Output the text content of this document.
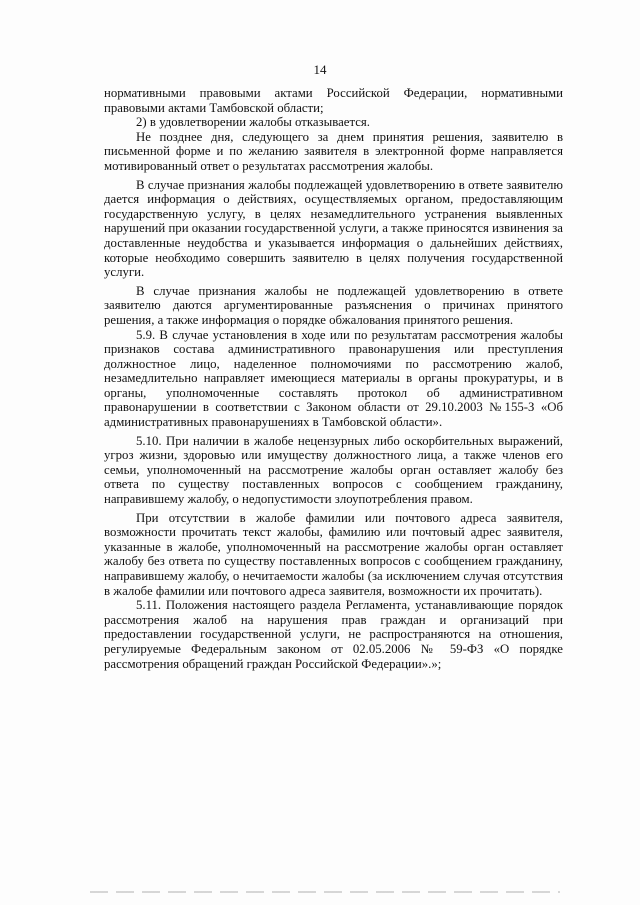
14

нормативными правовыми актами Российской Федерации, нормативными правовыми актами Тамбовской области;

2) в удовлетворении жалобы отказывается.

Не позднее дня, следующего за днем принятия решения, заявителю в письменной форме и по желанию заявителя в электронной форме направляется мотивированный ответ о результатах рассмотрения жалобы.

В случае признания жалобы подлежащей удовлетворению в ответе заявителю дается информация о действиях, осуществляемых органом, предоставляющим государственную услугу, в целях незамедлительного устранения выявленных нарушений при оказании государственной услуги, а также приносятся извинения за доставленные неудобства и указывается информация о дальнейших действиях, которые необходимо совершить заявителю в целях получения государственной услуги.

В случае признания жалобы не подлежащей удовлетворению в ответе заявителю даются аргументированные разъяснения о причинах принятого решения, а также информация о порядке обжалования принятого решения.

5.9. В случае установления в ходе или по результатам рассмотрения жалобы признаков состава административного правонарушения или преступления должностное лицо, наделенное полномочиями по рассмотрению жалоб, незамедлительно направляет имеющиеся материалы в органы прокуратуры, и в органы, уполномоченные составлять протокол об административном правонарушении в соответствии с Законом области от 29.10.2003 №155-З «Об административных правонарушениях в Тамбовской области».

5.10. При наличии в жалобе нецензурных либо оскорбительных выражений, угроз жизни, здоровью или имуществу должностного лица, а также членов его семьи, уполномоченный на рассмотрение жалобы орган оставляет жалобу без ответа по существу поставленных вопросов с сообщением гражданину, направившему жалобу, о недопустимости злоупотребления правом.

При отсутствии в жалобе фамилии или почтового адреса заявителя, возможности прочитать текст жалобы, фамилию или почтовый адрес заявителя, указанные в жалобе, уполномоченный на рассмотрение жалобы орган оставляет жалобу без ответа по существу поставленных вопросов с сообщением гражданину, направившему жалобу, о нечитаемости жалобы (за исключением случая отсутствия в жалобе фамилии или почтового адреса заявителя, возможности их прочитать).

5.11. Положения настоящего раздела Регламента, устанавливающие порядок рассмотрения жалоб на нарушения прав граждан и организаций при предоставлении государственной услуги, не распространяются на отношения, регулируемые Федеральным законом от 02.05.2006 № 59-ФЗ «О порядке рассмотрения обращений граждан Российской Федерации».»;
